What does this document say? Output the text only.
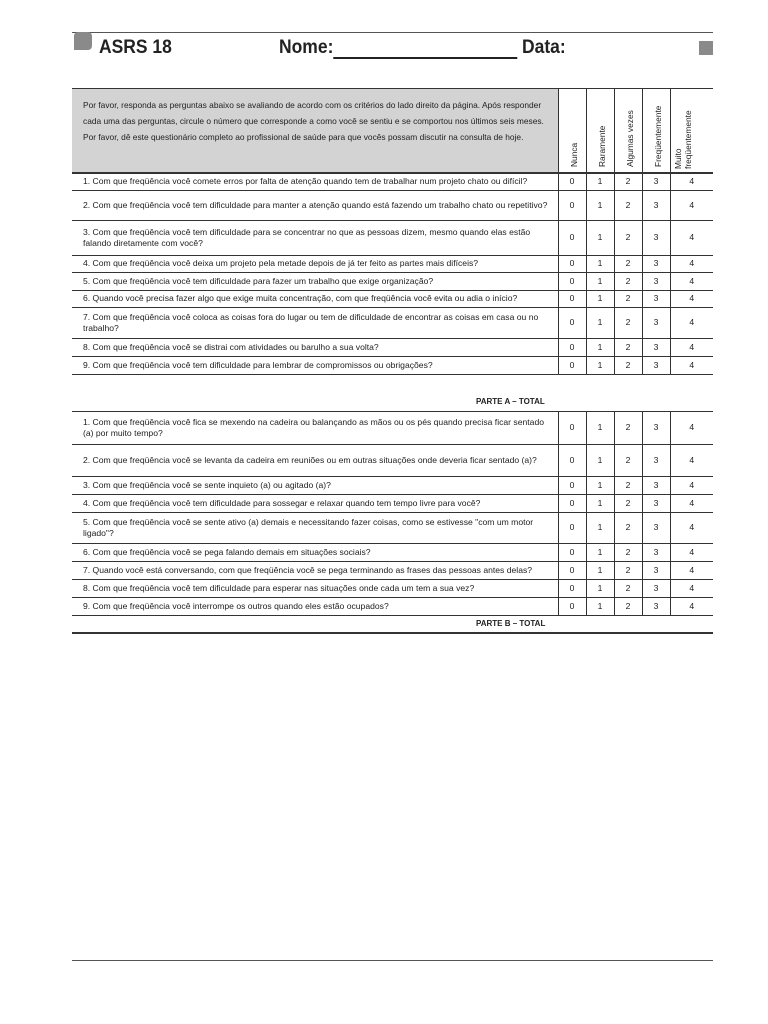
ASRS 18	Nome:	Data:
Por favor, responda as perguntas abaixo se avaliando de acordo com os critérios do lado direito da página. Após responder cada uma das perguntas, circule o número que corresponde a como você se sentiu e se comportou nos últimos seis meses. Por favor, dê este questionário completo ao profissional de saúde para que vocês possam discutir na consulta de hoje.
Nunca Raramente Algumas vezes Freqüentemente Muito freqüentemente
1. Com que freqüência você comete erros por falta de atenção quando tem de trabalhar num projeto chato ou difícil?	0	1	2	3	4
2. Com que freqüência você tem dificuldade para manter a atenção quando está fazendo um trabalho chato ou repetitivo?	0	1	2	3	4
3. Com que freqüência você tem dificuldade para se concentrar no que as pessoas dizem, mesmo quando elas estão falando diretamente com você?	0	1	2	3	4
4. Com que freqüência você deixa um projeto pela metade depois de já ter feito as partes mais difíceis?	0	1	2	3	4
5. Com que freqüência você tem dificuldade para fazer um trabalho que exige organização?	0	1	2	3	4
6. Quando você precisa fazer algo que exige muita concentração, com que freqüência você evita ou adia o início?	0	1	2	3	4
7. Com que freqüência você coloca as coisas fora do lugar ou tem de dificuldade de encontrar as coisas em casa ou no trabalho?	0	1	2	3	4
8. Com que freqüência você se distrai com atividades ou barulho a sua volta?	0	1	2	3	4
9. Com que freqüência você tem dificuldade para lembrar de compromissos ou obrigações?	0	1	2	3	4
PARTE A – TOTAL
1. Com que freqüência você fica se mexendo na cadeira ou balançando as mãos ou os pés quando precisa ficar sentado (a) por muito tempo?	0	1	2	3	4
2. Com que freqüência você se levanta da cadeira em reuniões ou em outras situações onde deveria ficar sentado (a)?	0	1	2	3	4
3. Com que freqüência você se sente inquieto (a) ou agitado (a)?	0	1	2	3	4
4. Com que freqüência você tem dificuldade para sossegar e relaxar quando tem tempo livre para você?	0	1	2	3	4
5. Com que freqüência você se sente ativo (a) demais e necessitando fazer coisas, como se estivesse "com um motor ligado"?	0	1	2	3	4
6. Com que freqüência você se pega falando demais em situações sociais?	0	1	2	3	4
7. Quando você está conversando, com que freqüência você se pega terminando as frases das pessoas antes delas?	0	1	2	3	4
8. Com que freqüência você tem dificuldade para esperar nas situações onde cada um tem a sua vez?	0	1	2	3	4
9. Com que freqüência você interrompe os outros quando eles estão ocupados?	0	1	2	3	4
PARTE B – TOTAL
